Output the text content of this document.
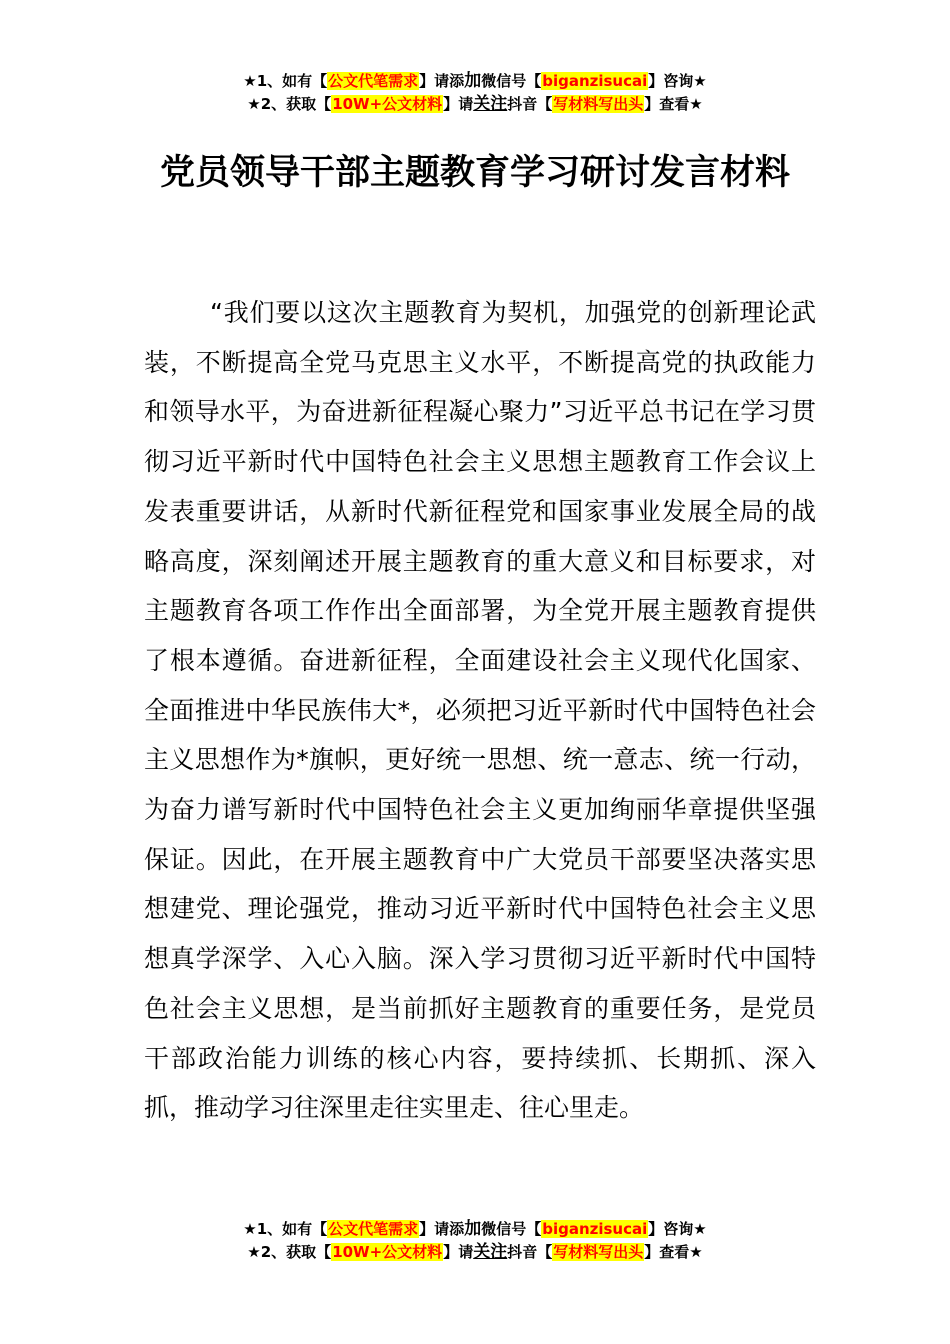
★1、如有【公文代笔需求】请添加微信号【biganzisucai】咨询★
★2、获取【10W+公文材料】请关注抖音【写材料写出头】查看★
党员领导干部主题教育学习研讨发言材料

“我们要以这次主题教育为契机，加强党的创新理论武装，不断提高全党马克思主义水平，不断提高党的执政能力和领导水平，为奋进新征程凝心聚力”习近平总书记在学习贯彻习近平新时代中国特色社会主义思想主题教育工作会议上发表重要讲话，从新时代新征程党和国家事业发展全局的战略高度，深刻阐述开展主题教育的重大意义和目标要求，对主题教育各项工作作出全面部署，为全党开展主题教育提供了根本遵循。奋进新征程，全面建设社会主义现代化国家、全面推进中华民族伟大*，必须把习近平新时代中国特色社会主义思想作为*旗帜，更好统一思想、统一意志、统一行动，为奋力谱写新时代中国特色社会主义更加绚丽华章提供坚强保证。因此，在开展主题教育中广大党员干部要坚决落实思想建党、理论强党，推动习近平新时代中国特色社会主义思想真学深学、入心入脑。深入学习贯彻习近平新时代中国特色社会主义思想，是当前抓好主题教育的重要任务，是党员干部政治能力训练的核心内容，要持续抓、长期抓、深入抓，推动学习往深里走往实里走、往心里走。

★1、如有【公文代笔需求】请添加微信号【biganzisucai】咨询★
★2、获取【10W+公文材料】请关注抖音【写材料写出头】查看★
